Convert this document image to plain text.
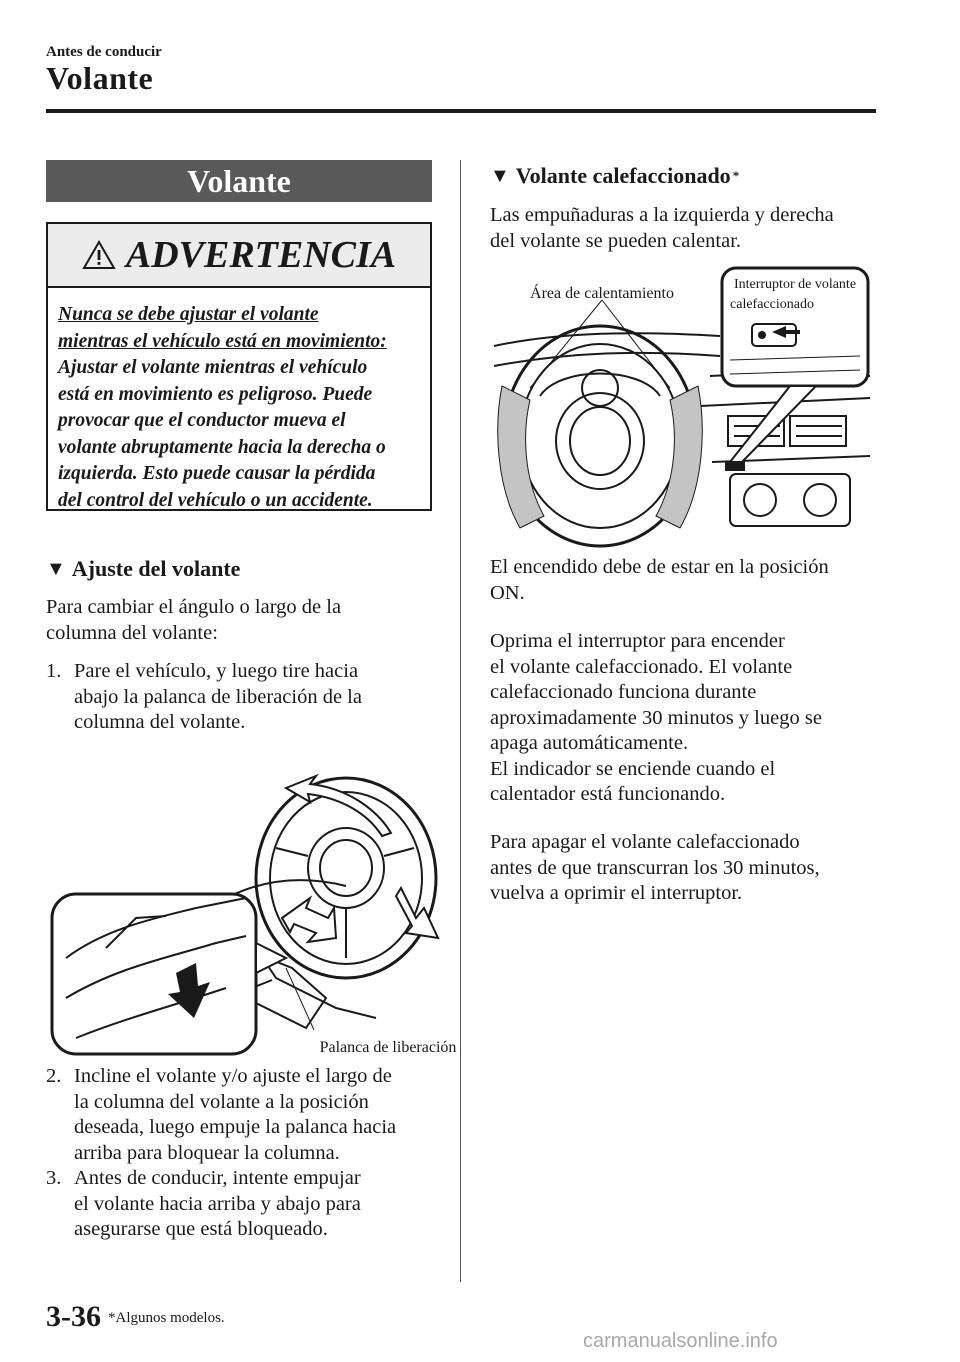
Antes de conducir
Volante
Volante
ADVERTENCIA
Nunca se debe ajustar el volante
mientras el vehículo está en movimiento:
Ajustar el volante mientras el vehículo
está en movimiento es peligroso. Puede
provocar que el conductor mueva el
volante abruptamente hacia la derecha o
izquierda. Esto puede causar la pérdida
del control del vehículo o un accidente.
▼ Ajuste del volante
Para cambiar el ángulo o largo de la
columna del volante:
1. Pare el vehículo, y luego tire hacia
abajo la palanca de liberación de la
columna del volante.
Palanca de liberación
2. Incline el volante y/o ajuste el largo de
la columna del volante a la posición
deseada, luego empuje la palanca hacia
arriba para bloquear la columna.
3. Antes de conducir, intente empujar
el volante hacia arriba y abajo para
asegurarse que está bloqueado.
▼ Volante calefaccionado *
Las empuñaduras a la izquierda y derecha
del volante se pueden calentar.
Área de calentamiento
Interruptor de volante
calefaccionado
El encendido debe de estar en la posición
ON.
Oprima el interruptor para encender
el volante calefaccionado. El volante
calefaccionado funciona durante
aproximadamente 30 minutos y luego se
apaga automáticamente.
El indicador se enciende cuando el
calentador está funcionando.
Para apagar el volante calefaccionado
antes de que transcurran los 30 minutos,
vuelva a oprimir el interruptor.
3-36 *Algunos modelos.
carmanualsonline.info
